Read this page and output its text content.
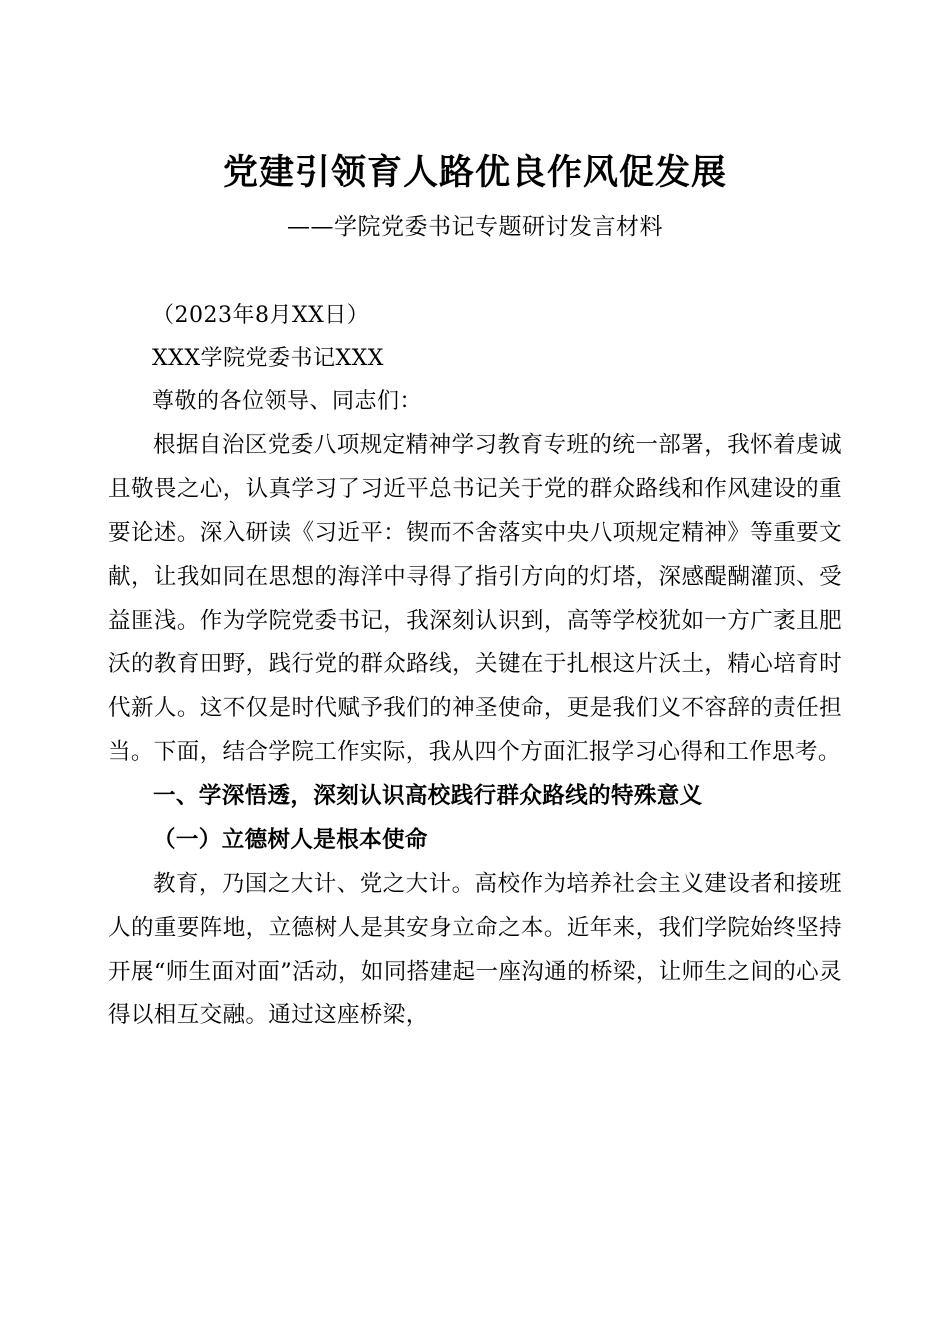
党建引领育人路优良作风促发展
——学院党委书记专题研讨发言材料

（2023年8月XX日）

XXX学院党委书记XXX

尊敬的各位领导、同志们：

根据自治区党委八项规定精神学习教育专班的统一部署，我怀着虔诚且敬畏之心，认真学习了习近平总书记关于党的群众路线和作风建设的重要论述。深入研读《习近平：锲而不舍落实中央八项规定精神》等重要文献，让我如同在思想的海洋中寻得了指引方向的灯塔，深感醍醐灌顶、受益匪浅。作为学院党委书记，我深刻认识到，高等学校犹如一方广袤且肥沃的教育田野，践行党的群众路线，关键在于扎根这片沃土，精心培育时代新人。这不仅是时代赋予我们的神圣使命，更是我们义不容辞的责任担当。下面，结合学院工作实际，我从四个方面汇报学习心得和工作思考。

一、学深悟透，深刻认识高校践行群众路线的特殊意义

（一）立德树人是根本使命

教育，乃国之大计、党之大计。高校作为培养社会主义建设者和接班人的重要阵地，立德树人是其安身立命之本。近年来，我们学院始终坚持开展“师生面对面”活动，如同搭建起一座沟通的桥梁，让师生之间的心灵得以相互交融。通过这座桥梁，
